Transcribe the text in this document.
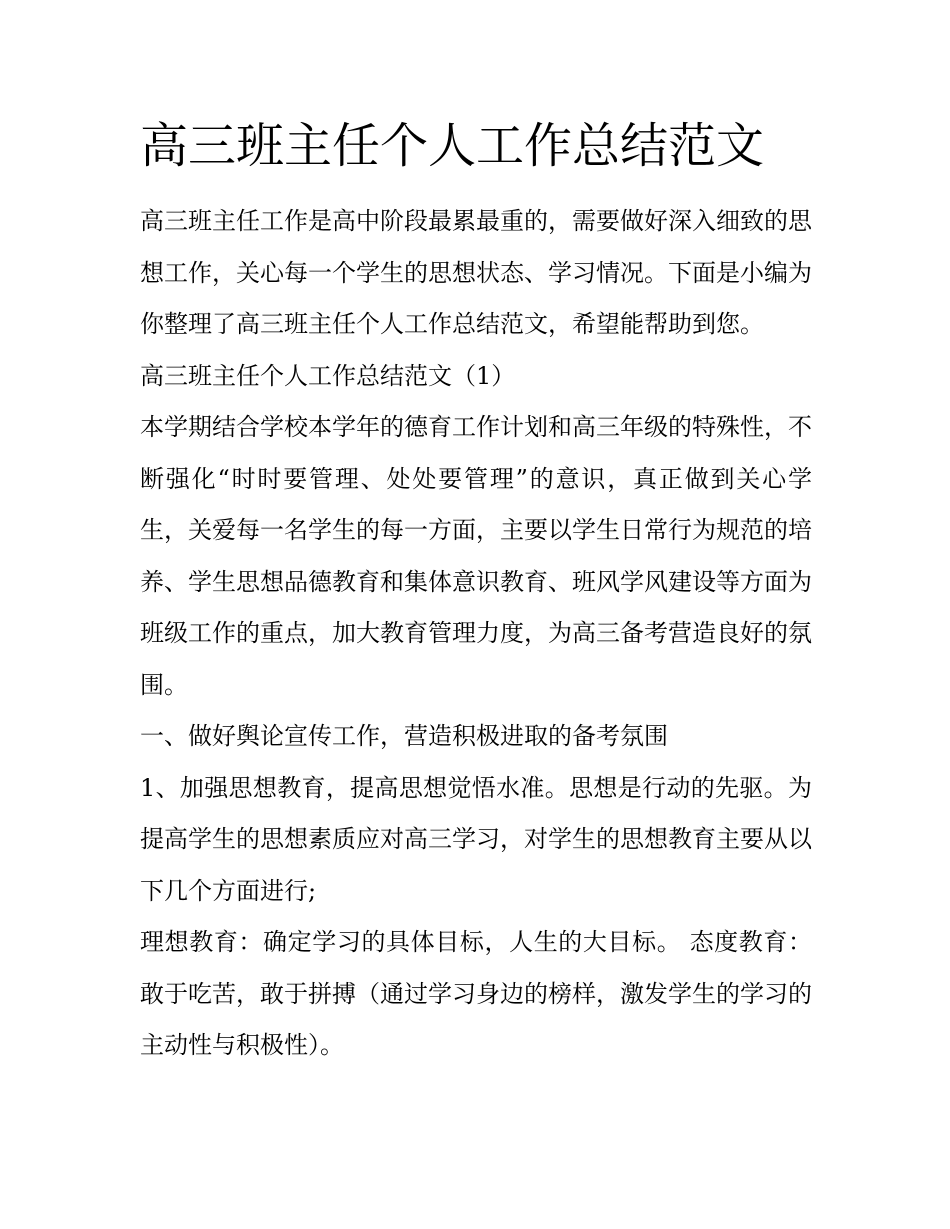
高三班主任个人工作总结范文

高三班主任工作是高中阶段最累最重的，需要做好深入细致的思想工作，关心每一个学生的思想状态、学习情况。下面是小编为你整理了高三班主任个人工作总结范文，希望能帮助到您。

高三班主任个人工作总结范文（1）

本学期结合学校本学年的德育工作计划和高三年级的特殊性，不断强化“时时要管理、处处要管理”的意识，真正做到关心学生，关爱每一名学生的每一方面，主要以学生日常行为规范的培养、学生思想品德教育和集体意识教育、班风学风建设等方面为班级工作的重点，加大教育管理力度，为高三备考营造良好的氛围。

一、做好舆论宣传工作，营造积极进取的备考氛围

1、加强思想教育，提高思想觉悟水准。思想是行动的先驱。为提高学生的思想素质应对高三学习，对学生的思想教育主要从以下几个方面进行;

理想教育：确定学习的具体目标，人生的大目标。 态度教育：敢于吃苦，敢于拼搏（通过学习身边的榜样，激发学生的学习的主动性与积极性）。
